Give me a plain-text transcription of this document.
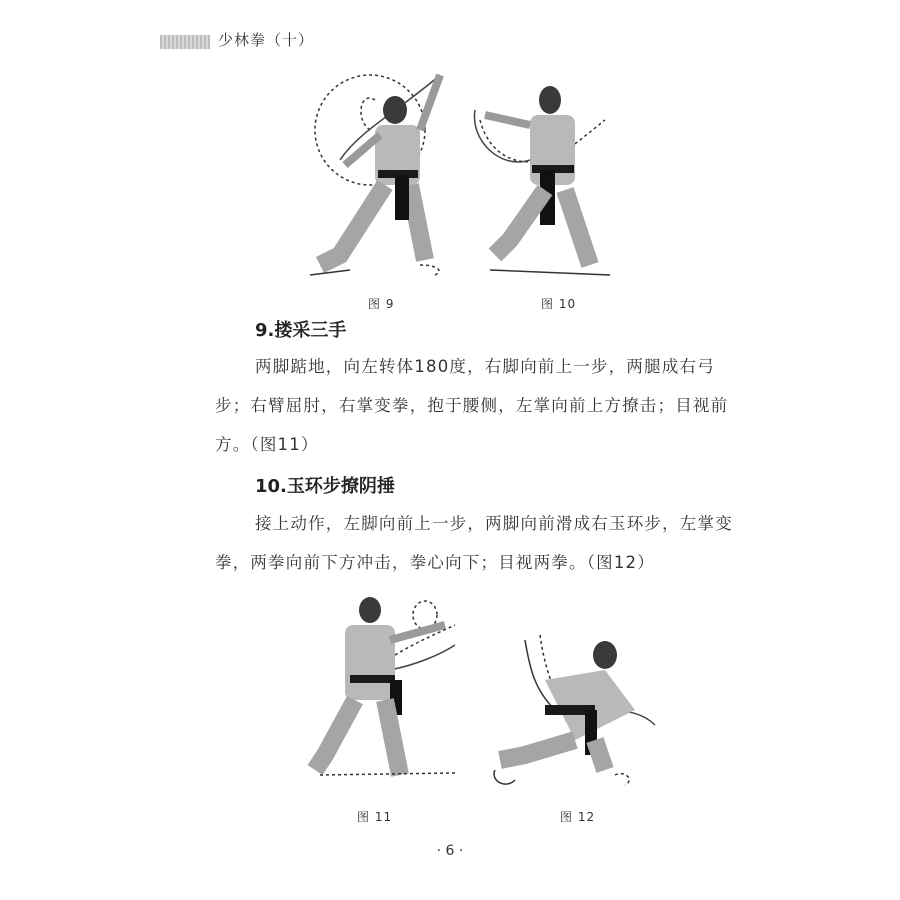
少林拳（十）
图 9	图 10
9.搂采三手
两脚踮地，向左转体180度，右脚向前上一步，两腿成右弓步；右臂屈肘，右掌变拳，抱于腰侧，左掌向前上方撩击；目视前方。（图11）
10.玉环步撩阴捶
接上动作，左脚向前上一步，两脚向前滑成右玉环步，左掌变拳，两拳向前下方冲击，拳心向下；目视两拳。（图12）
图 11	图 12
· 6 ·
